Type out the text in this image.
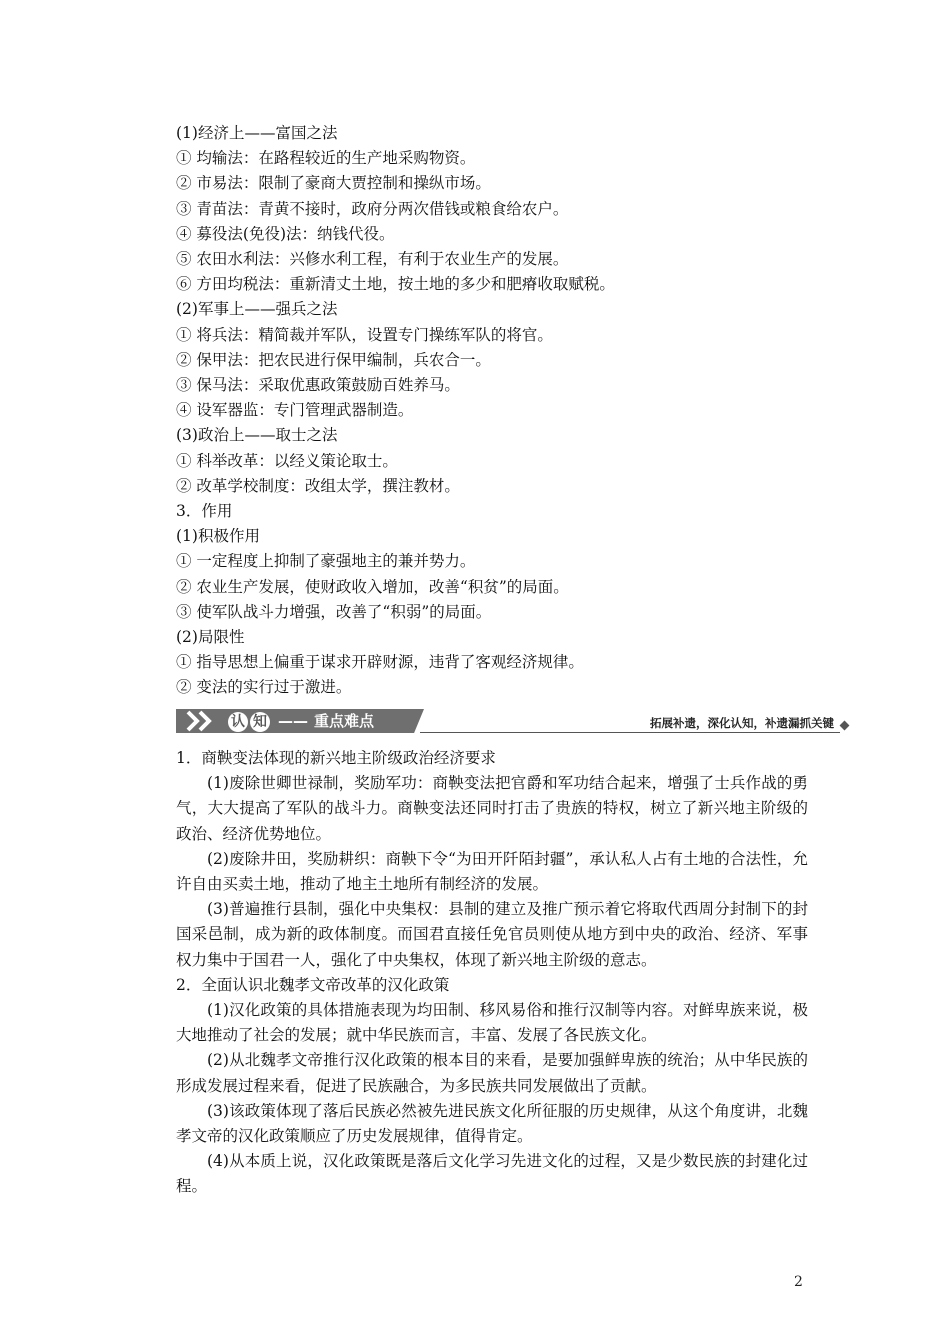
(1)经济上——富国之法

① 均输法：在路程较近的生产地采购物资。

② 市易法：限制了豪商大贾控制和操纵市场。

③ 青苗法：青黄不接时，政府分两次借钱或粮食给农户。

④ 募役法(免役)法：纳钱代役。

⑤ 农田水利法：兴修水利工程，有利于农业生产的发展。

⑥ 方田均税法：重新清丈土地，按土地的多少和肥瘠收取赋税。

(2)军事上——强兵之法

① 将兵法：精简裁并军队，设置专门操练军队的将官。

② 保甲法：把农民进行保甲编制，兵农合一。

③ 保马法：采取优惠政策鼓励百姓养马。

④ 设军器监：专门管理武器制造。

(3)政治上——取士之法

① 科举改革：以经义策论取士。

② 改革学校制度：改组太学，撰注教材。

3．作用

(1)积极作用

① 一定程度上抑制了豪强地主的兼并势力。

② 农业生产发展，使财政收入增加，改善“积贫”的局面。

③ 使军队战斗力增强，改善了“积弱”的局面。

(2)局限性

① 指导思想上偏重于谋求开辟财源，违背了客观经济规律。

② 变法的实行过于激进。

认 知 —— 重点难点	拓展补遗，深化认知，补遗漏抓关键

1．商鞅变法体现的新兴地主阶级政治经济要求

(1)废除世卿世禄制，奖励军功：商鞅变法把官爵和军功结合起来，增强了士兵作战的勇气，大大提高了军队的战斗力。商鞅变法还同时打击了贵族的特权，树立了新兴地主阶级的政治、经济优势地位。

(2)废除井田，奖励耕织：商鞅下令“为田开阡陌封疆”，承认私人占有土地的合法性，允许自由买卖土地，推动了地主土地所有制经济的发展。

(3)普遍推行县制，强化中央集权：县制的建立及推广预示着它将取代西周分封制下的封国采邑制，成为新的政体制度。而国君直接任免官员则使从地方到中央的政治、经济、军事权力集中于国君一人，强化了中央集权，体现了新兴地主阶级的意志。

2．全面认识北魏孝文帝改革的汉化政策

(1)汉化政策的具体措施表现为均田制、移风易俗和推行汉制等内容。对鲜卑族来说，极大地推动了社会的发展；就中华民族而言，丰富、发展了各民族文化。

(2)从北魏孝文帝推行汉化政策的根本目的来看，是要加强鲜卑族的统治；从中华民族的形成发展过程来看，促进了民族融合，为多民族共同发展做出了贡献。

(3)该政策体现了落后民族必然被先进民族文化所征服的历史规律，从这个角度讲，北魏孝文帝的汉化政策顺应了历史发展规律，值得肯定。

(4)从本质上说，汉化政策既是落后文化学习先进文化的过程，又是少数民族的封建化过程。

2
